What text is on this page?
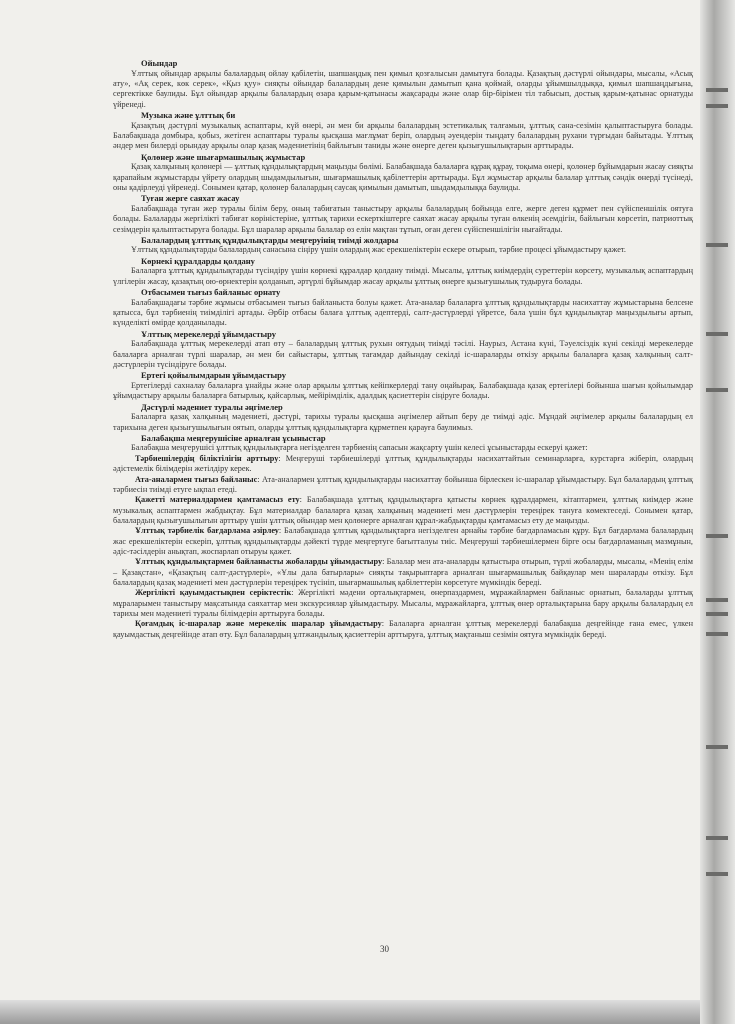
Ойындар

Ұлттық ойындар арқылы балалардың ойлау қабілетін, шапшаңдық пен қимыл қозғалысын дамытуға болады. Қазақтың дәстүрлі ойындары, мысалы, «Асық ату», «Ақ серек, көк серек», «Қыз қуу» сияқты ойындар балалардың дене қимылын дамытып қана қоймай, оларды ұйымшылдыққа, қимыл шапшаңдығына, сергектікке баулиды. Бұл ойындар арқылы балалардың өзара қарым-қатынасы жақсарады және олар бір-бірімен тіл табысып, достық қарым-қатынас орнатуды үйренеді.

Музыка және ұлттық би

Қазақтың дәстүрлі музыкалық аспаптары, күй өнері, ән мен би арқылы балалардың эстетикалық талғамын, ұлттық сана-сезімін қалыптастыруға болады. Балабақшада домбыра, қобыз, жетіген аспаптары туралы қысқаша мағлұмат беріп, олардың әуендерін тыңдату балалардың рухани түрғыдан байытады. Ұлттық әндер мен билерді орындау арқылы олар қазақ мәдениетінің байлығын таниды және өнерге деген қызығушылықтарын арттырады.

Қолөнер және шығармашылық жұмыстар

Қазақ халқының қолөнері — ұлттық құндылықтардың маңызды бөлімі. Балабақшада балаларға құрақ құрау, тоқыма өнері, қолөнер бұйымдарын жасау сияқты қарапайым жұмыстарды үйрету олардың шыдамдылығын, шығармашылық қабілеттерін арттырады. Бұл жұмыстар арқылы балалар ұлттық сәндік өнерді түсінеді, оны қадірлеуді үйренеді. Сонымен қатар, қолөнер балалардың саусақ қимылын дамытып, шыдамдылыққа баулиды.

Туған жерге саяхат жасау

Балабақшада туған жер туралы білім беру, оның табиғатын таныстыру арқылы балалардың бойында елге, жерге деген құрмет пен сүйіспеншілік оятуға болады. Балаларды жергілікті табиғат көріністеріне, ұлттық тарихи ескерткіштерге саяхат жасау арқылы туған өлкенің әсемдігін, байлығын көрсетіп, патриоттық сезімдерін қалыптастыруға болады. Бұл шаралар арқылы балалар өз елін мақтан тұтып, оған деген сүйіспеншілігін нығайтады.

Балалардың ұлттық құндылықтарды меңгеруінің тиімді жолдары

Ұлттық құндылықтарды балалардың санасына сіңіру үшін олардың жас ерекшеліктерін ескере отырып, тәрбие процесі ұйымдастыру қажет.

Көрнекі құралдарды қолдану

Балаларға ұлттық құндылықтарды түсіндіру үшін көрнекі құралдар қолдану тиімді. Мысалы, ұлттық киімдердің суреттерін көрсету, музыкалық аспаптардың үлгілерін жасау, қазақтың ою-өрнектерін қолданып, әртүрлі бұйымдар жасау арқылы ұлттық өнерге қызығушылық тудыруға болады.

Отбасымен тығыз байланыс орнату

Балабақшадағы тәрбие жұмысы отбасымен тығыз байланыста болуы қажет. Ата-аналар балаларға ұлттық құндылықтарды насихаттау жұмыстарына белсене қатысса, бұл тәрбиенің тиімділігі артады. Әрбір отбасы балаға ұлттық әдептерді, салт-дәстүрлерді үйретсе, бала үшін бұл құндылықтар маңыздылығы артып, күнделікті өмірде қолданылады.

Ұлттық мерекелерді ұйымдастыру

Балабақшада ұлттық мерекелерді атап өту – балалардың ұлттық рухын оятудың тиімді тәсілі. Наурыз, Астана күні, Тәуелсіздік күні секілді мерекелерде балаларға арналған түрлі шаралар, ән мен би сайыстары, ұлттық тағамдар дайындау секілді іс-шараларды өткізу арқылы балаларға қазақ халқының салт-дәстүрлерін түсіндіруге болады.

Ертегі қойылымдарын ұйымдастыру

Ертегілерді сахналау балаларға ұнайды және олар арқылы ұлттық кейіпкерлерді тану оңайырақ. Балабақшада қазақ ертегілері бойынша шағын қойылымдар ұйымдастыру арқылы балаларға батырлық, қайсарлық, мейірімділік, адалдық қасиеттерін сіңіруге болады.

Дәстүрлі мәдениет туралы әңгімелер

Балаларға қазақ халқының мәдениеті, дәстүрі, тарихы туралы қысқаша әңгімелер айтып беру де тиімді әдіс. Мұндай әңгімелер арқылы балалардың ел тарихына деген қызығушылығын оятып, оларды ұлттық құндылықтарға құрметпен қарауға баулимыз.

Балабақша меңгерушісіне арналған ұсыныстар

Балабақша меңгерушісі ұлттық құндылықтарға негізделген тәрбиенің сапасын жақсарту үшін келесі ұсыныстарды ескеруі қажет:

Тәрбиешілердің біліктілігін арттыру: Меңгеруші тәрбиешілерді ұлттық құндылықтарды насихаттайтын семинарларға, курстарға жіберіп, олардың әдістемелік білімдерін жетілдіру керек.

Ата-аналармен тығыз байланыс: Ата-аналармен ұлттық құндылықтарды насихаттау бойынша бірлескен іс-шаралар ұйымдастыру. Бұл балалардың ұлттық тәрбиесін тиімді етуге ықпал етеді.

Қажетті материалдармен қамтамасыз ету: Балабақшада ұлттық құндылықтарға қатысты көрнек құралдармен, кітаптармен, ұлттық киімдер және музыкалық аспаптармен жабдықтау. Бұл материалдар балаларға қазақ халқының мәдениеті мен дәстүрлерін тереңірек тануға көмектеседі. Сонымен қатар, балалардың қызығушылығын арттыру үшін ұлттық ойындар мен қолөнерге арналған құрал-жабдықтарды қамтамасыз ету де маңызды.

Ұлттық тәрбиелік бағдарлама әзірлеу: Балабақшада ұлттық құндылықтарға негізделген арнайы тәрбие бағдарламасын құру. Бұл бағдарлама балалардың жас ерекшеліктерін ескеріп, ұлттық құндылықтарды дәйекті түрде меңгертуге бағытталуы тиіс. Меңгеруші тәрбиешілермен бірге осы бағдарламаның мазмұнын, әдіс-тәсілдерін анықтап, жоспарлап отыруы қажет.

Ұлттық құндылықтармен байланысты жобаларды ұйымдастыру: Балалар мен ата-аналарды қатыстыра отырып, түрлі жобаларды, мысалы, «Менің елім – Қазақстан», «Қазақтың салт-дәстүрлері», «Ұлы дала батырлары» сияқты тақырыптарға арналған шығармашылық байқаулар мен шараларды өткізу. Бұл балалардың қазақ мәдениеті мен дәстүрлерін тереңірек түсініп, шығармашылық қабілеттерін көрсетуге мүмкіндік береді.

Жергілікті қауымдастықпен серіктестік: Жергілікті мәдени орталықтармен, өнерпаздармен, мұражайлармен байланыс орнатып, балаларды ұлттық мұраларымен таныстыру мақсатында саяхаттар мен экскурсиялар ұйымдастыру. Мысалы, мұражайларға, ұлттық өнер орталықтарына бару арқылы балалардың ел тарихы мен мәдениеті туралы білімдерін арттыруға болады.

Қоғамдық іс-шаралар және мерекелік шаралар ұйымдастыру: Балаларға арналған ұлттық мерекелерді балабақша деңгейінде ғана емес, үлкен қауымдастық деңгейінде атап өту. Бұл балалардың ұлтжандылық қасиеттерін арттыруға, ұлттық мақтаныш сезімін оятуға мүмкіндік береді.

30
